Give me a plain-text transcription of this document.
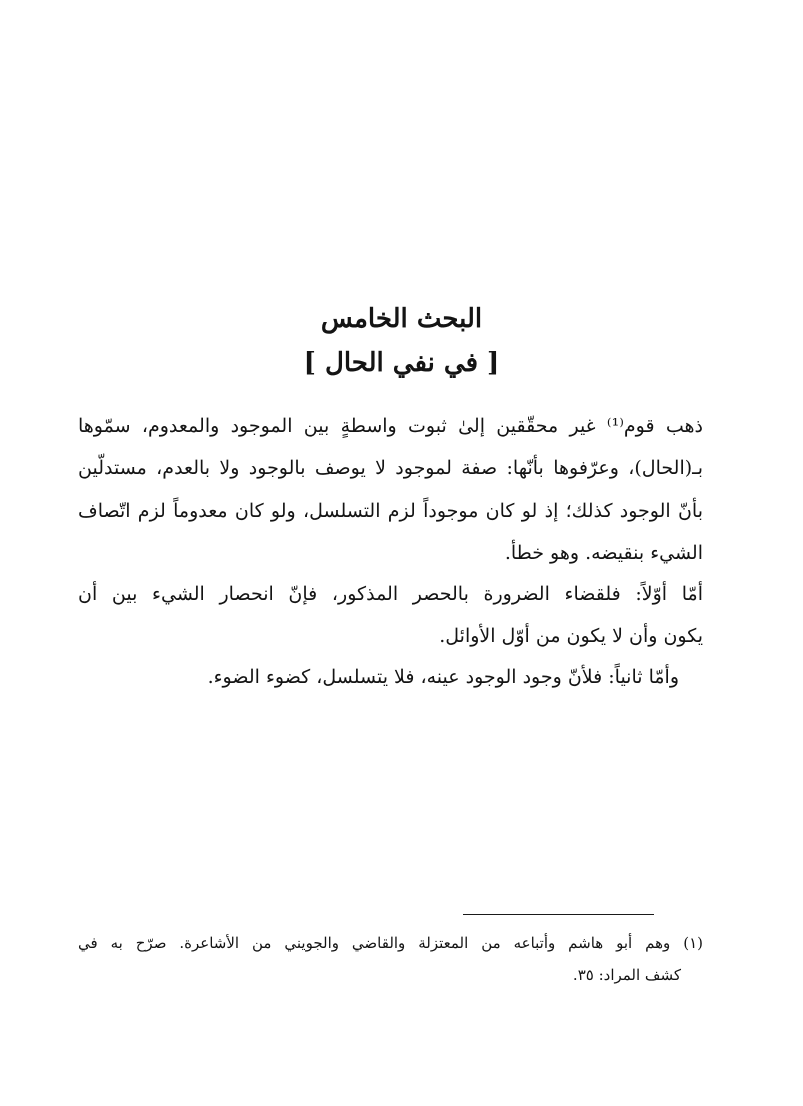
البحث الخامس
[ في نفي الحال ]
ذهب قوم⁽¹⁾ غير محقّقين إلىٰ ثبوت واسطةٍ بين الموجود والمعدوم، سمّوها
بـ(الحال)، وعرّفوها بأنّها: صفة لموجود لا يوصف بالوجود ولا بالعدم، مستدلّين
بأنّ الوجود كذلك؛ إذ لو كان موجوداً لزم التسلسل، ولو كان معدوماً لزم اتّصاف
الشيء بنقيضه. وهو خطأ.
أمّا أوّلاً: فلقضاء الضرورة بالحصر المذكور، فإنّ انحصار الشيء بين أن
يكون وأن لا يكون من أوّل الأوائل.
وأمّا ثانياً: فلأنّ وجود الوجود عينه، فلا يتسلسل، كضوء الضوء.
(١) وهم أبو هاشم وأتباعه من المعتزلة والقاضي والجويني من الأشاعرة. صرّح به في
كشف المراد: ٣٥.
